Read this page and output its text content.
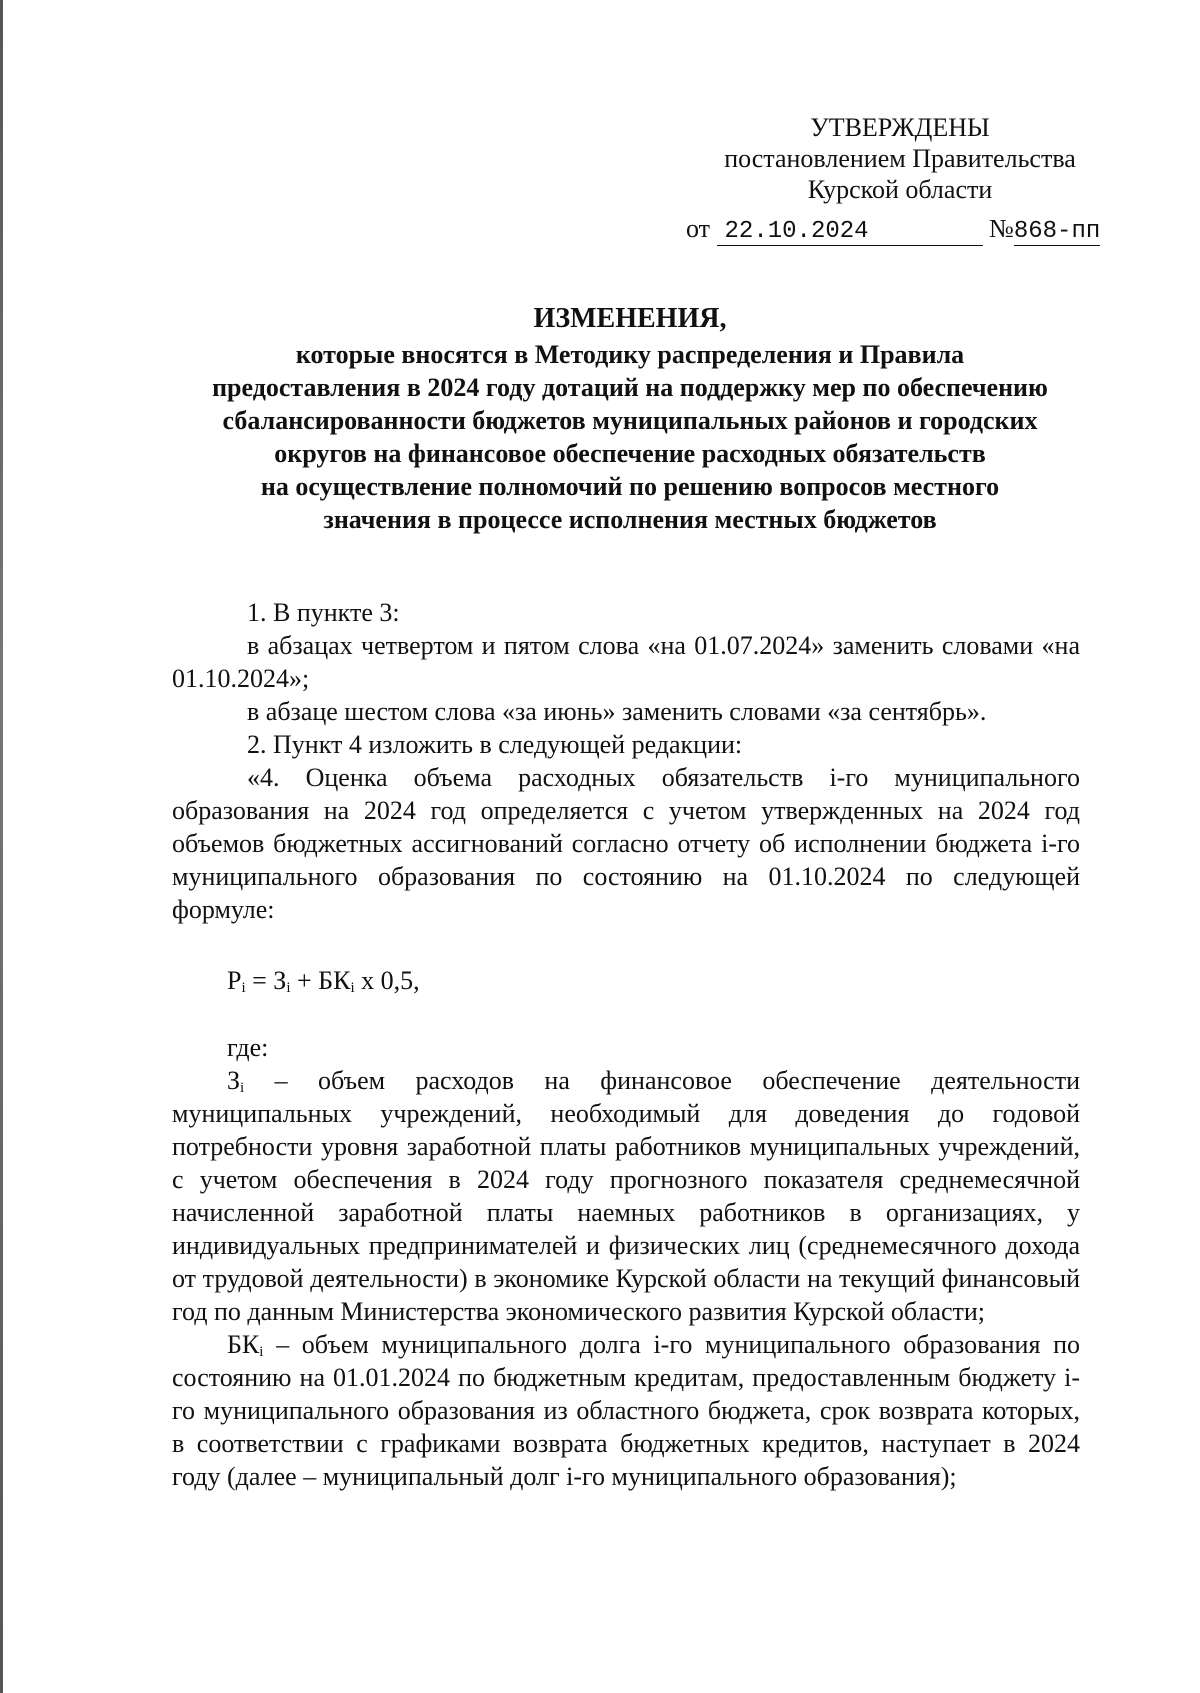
УТВЕРЖДЕНЫ
постановлением Правительства
Курской области
от 22.10.2024	№868-пп
ИЗМЕНЕНИЯ,
которые вносятся в Методику распределения и Правила
предоставления в 2024 году дотаций на поддержку мер по обеспечению
сбалансированности бюджетов муниципальных районов и городских
округов на финансовое обеспечение расходных обязательств
на осуществление полномочий по решению вопросов местного
значения в процессе исполнения местных бюджетов

1. В пункте 3:

в абзацах четвертом и пятом слова «на 01.07.2024» заменить словами «на 01.10.2024»;

в абзаце шестом слова «за июнь» заменить словами «за сентябрь».

2. Пункт 4 изложить в следующей редакции:

«4. Оценка объема расходных обязательств i-го муниципального образования на 2024 год определяется с учетом утвержденных на 2024 год объемов бюджетных ассигнований согласно отчету об исполнении бюджета i-го муниципального образования по состоянию на 01.10.2024 по следующей формуле:

$P_i = З_i + БК_i$ x 0,5,

где:

$З_i$ – объем расходов на финансовое обеспечение деятельности муниципальных учреждений, необходимый для доведения до годовой потребности уровня заработной платы работников муниципальных учреждений, с учетом обеспечения в 2024 году прогнозного показателя среднемесячной начисленной заработной платы наемных работников в организациях, у индивидуальных предпринимателей и физических лиц (среднемесячного дохода от трудовой деятельности) в экономике Курской области на текущий финансовый год по данным Министерства экономического развития Курской области;

$БК_i$ – объем муниципального долга i-го муниципального образования по состоянию на 01.01.2024 по бюджетным кредитам, предоставленным бюджету i-го муниципального образования из областного бюджета, срок возврата которых, в соответствии с графиками возврата бюджетных кредитов, наступает в 2024 году (далее – муниципальный долг i-го муниципального образования);
